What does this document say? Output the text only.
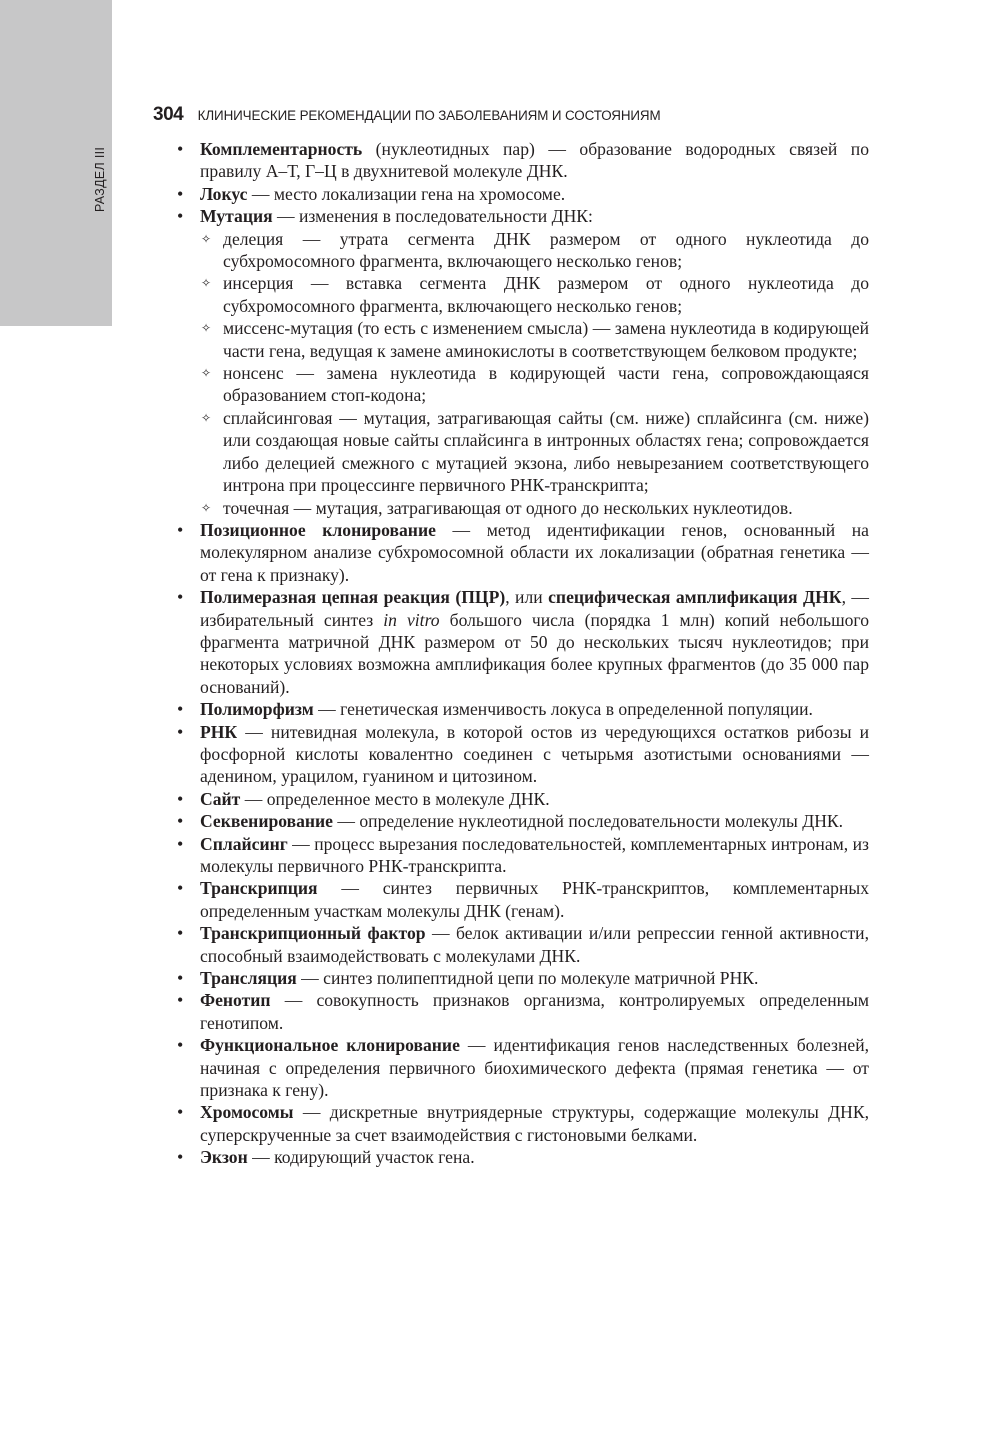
РАЗДЕЛ III
304 КЛИНИЧЕСКИЕ РЕКОМЕНДАЦИИ ПО ЗАБОЛЕВАНИЯМ И СОСТОЯНИЯМ
• Комплементарность (нуклеотидных пар) — образование водородных связей по правилу А–Т, Г–Ц в двухнитевой молекуле ДНК.
• Локус — место локализации гена на хромосоме.
• Мутация — изменения в последовательности ДНК:
✧ делеция — утрата сегмента ДНК размером от одного нуклеотида до субхромосомного фрагмента, включающего несколько генов;
✧ инсерция — вставка сегмента ДНК размером от одного нуклеотида до субхромосомного фрагмента, включающего несколько генов;
✧ миссенс-мутация (то есть с изменением смысла) — замена нуклеотида в кодирующей части гена, ведущая к замене аминокислоты в соответствующем белковом продукте;
✧ нонсенс — замена нуклеотида в кодирующей части гена, сопровождающаяся образованием стоп-кодона;
✧ сплайсинговая — мутация, затрагивающая сайты (см. ниже) сплайсинга (см. ниже) или создающая новые сайты сплайсинга в интронных областях гена; сопровождается либо делецией смежного с мутацией экзона, либо невырезанием соответствующего интрона при процессинге первичного РНК-транскрипта;
✧ точечная — мутация, затрагивающая от одного до нескольких нуклеотидов.
• Позиционное клонирование — метод идентификации генов, основанный на молекулярном анализе субхромосомной области их локализации (обратная генетика — от гена к признаку).
• Полимеразная цепная реакция (ПЦР), или специфическая амплификация ДНК, — избирательный синтез in vitro большого числа (порядка 1 млн) копий небольшого фрагмента матричной ДНК размером от 50 до нескольких тысяч нуклеотидов; при некоторых условиях возможна амплификация более крупных фрагментов (до 35 000 пар оснований).
• Полиморфизм — генетическая изменчивость локуса в определенной популяции.
• РНК — нитевидная молекула, в которой остов из чередующихся остатков рибозы и фосфорной кислоты ковалентно соединен с четырьмя азотистыми основаниями — аденином, урацилом, гуанином и цитозином.
• Сайт — определенное место в молекуле ДНК.
• Секвенирование — определение нуклеотидной последовательности молекулы ДНК.
• Сплайсинг — процесс вырезания последовательностей, комплементарных интронам, из молекулы первичного РНК-транскрипта.
• Транскрипция — синтез первичных РНК-транскриптов, комплементарных определенным участкам молекулы ДНК (генам).
• Транскрипционный фактор — белок активации и/или репрессии генной активности, способный взаимодействовать с молекулами ДНК.
• Трансляция — синтез полипептидной цепи по молекуле матричной РНК.
• Фенотип — совокупность признаков организма, контролируемых определенным генотипом.
• Функциональное клонирование — идентификация генов наследственных болезней, начиная с определения первичного биохимического дефекта (прямая генетика — от признака к гену).
• Хромосомы — дискретные внутриядерные структуры, содержащие молекулы ДНК, суперскрученные за счет взаимодействия с гистоновыми белками.
• Экзон — кодирующий участок гена.
